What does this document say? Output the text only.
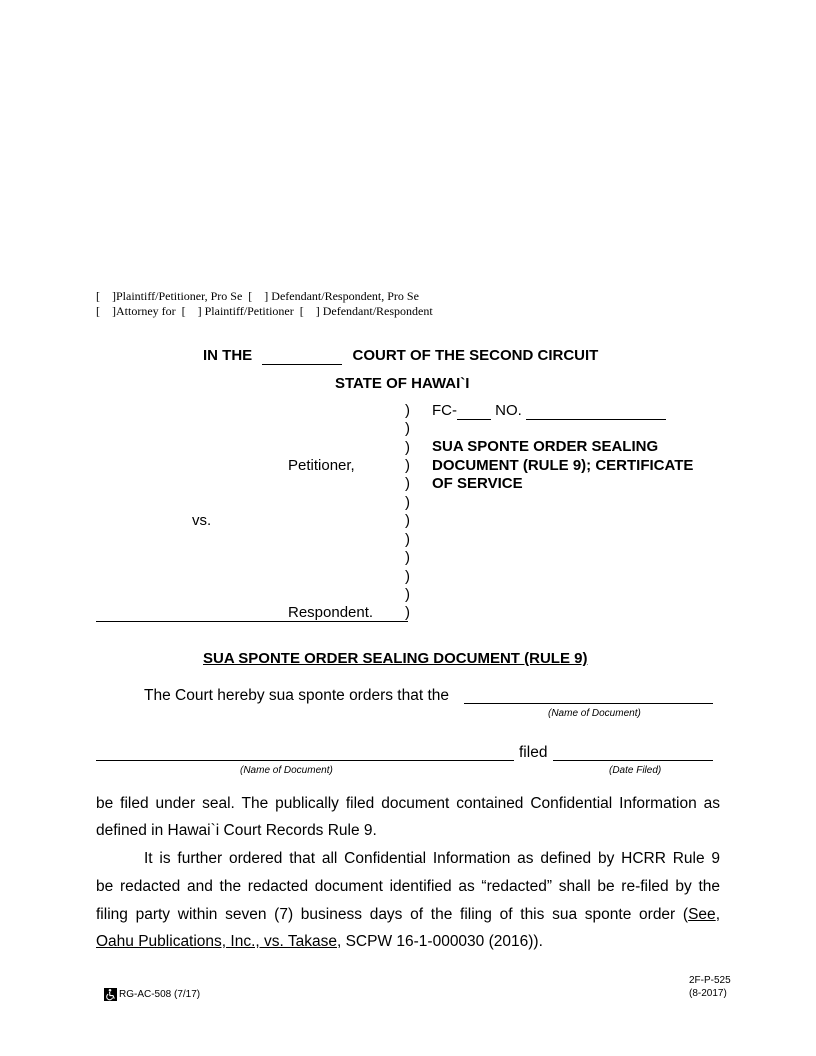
[    ]Plaintiff/Petitioner, Pro Se  [    ] Defendant/Respondent, Pro Se
[    ]Attorney for  [    ] Plaintiff/Petitioner  [    ] Defendant/Respondent
IN THE	COURT OF THE SECOND CIRCUIT
STATE OF HAWAI`I
)
)
)
)
)
)
)
)
)
)
)
)
Petitioner,
vs.
Respondent.
FC-	NO.
SUA SPONTE ORDER SEALING
DOCUMENT (RULE 9); CERTIFICATE
OF SERVICE
SUA SPONTE ORDER SEALING DOCUMENT (RULE 9)
The Court hereby sua sponte orders that the
(Name of Document)
filed
(Name of Document)	(Date Filed)
be filed under seal. The publically filed document contained Confidential Information as
defined in Hawai`i Court Records Rule 9.
It is further ordered that all Confidential Information as defined by HCRR Rule 9
be redacted and the redacted document identified as “redacted” shall be re-filed by the
filing party within seven (7) business days of the filing of this sua sponte order (See,
Oahu Publications, Inc., vs. Takase, SCPW 16-1-000030 (2016)).
2F-P-525
(8-2017)
RG-AC-508 (7/17)
